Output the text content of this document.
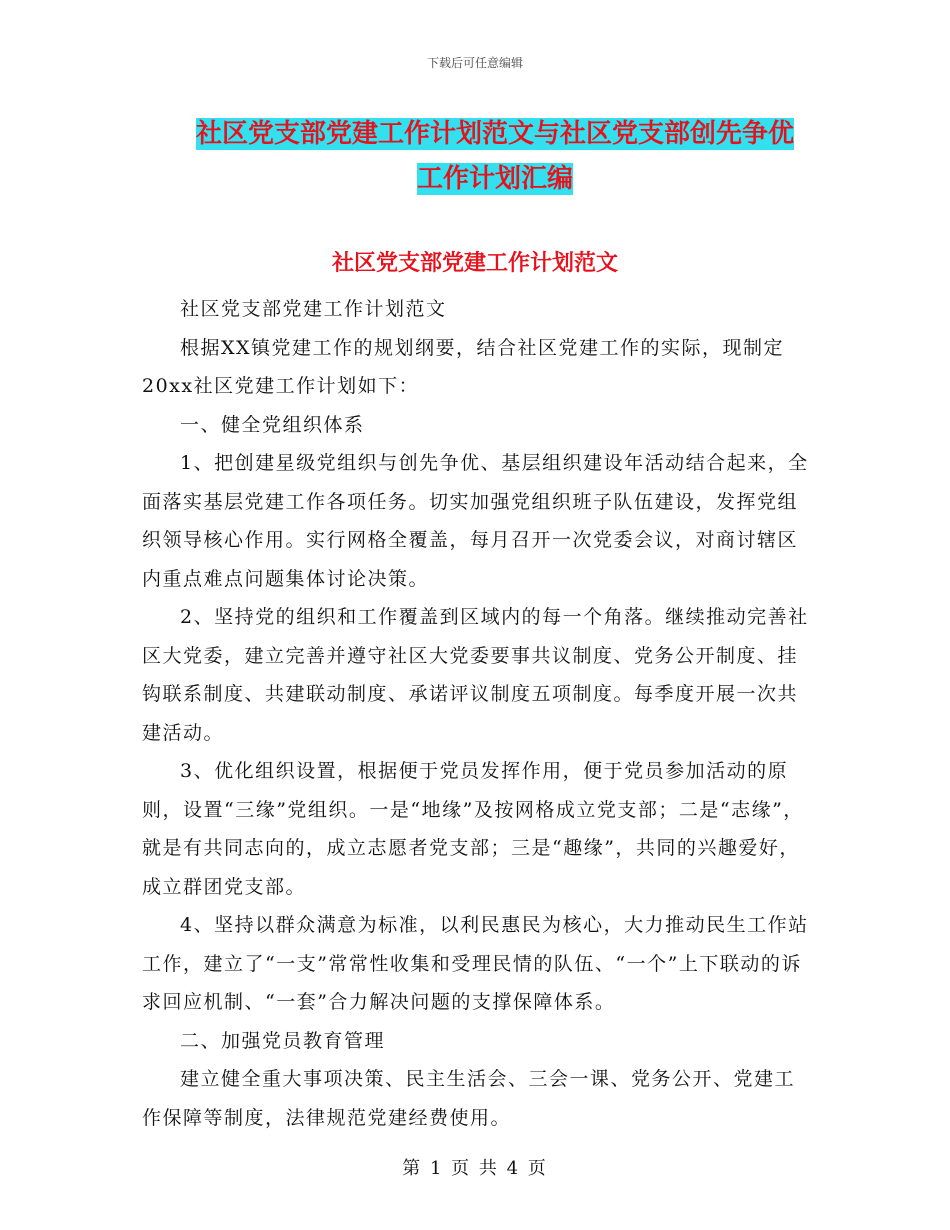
下载后可任意编辑
社区党支部党建工作计划范文与社区党支部创先争优
工作计划汇编
社区党支部党建工作计划范文

社区党支部党建工作计划范文

根据XX镇党建工作的规划纲要，结合社区党建工作的实际，现制定20xx社区党建工作计划如下：

一、健全党组织体系

1、把创建星级党组织与创先争优、基层组织建设年活动结合起来，全面落实基层党建工作各项任务。切实加强党组织班子队伍建设，发挥党组织领导核心作用。实行网格全覆盖，每月召开一次党委会议，对商讨辖区内重点难点问题集体讨论决策。

2、坚持党的组织和工作覆盖到区域内的每一个角落。继续推动完善社区大党委，建立完善并遵守社区大党委要事共议制度、党务公开制度、挂钩联系制度、共建联动制度、承诺评议制度五项制度。每季度开展一次共建活动。

3、优化组织设置，根据便于党员发挥作用，便于党员参加活动的原则，设置“三缘”党组织。一是“地缘”及按网格成立党支部；二是“志缘”，就是有共同志向的，成立志愿者党支部；三是“趣缘”，共同的兴趣爱好，成立群团党支部。

4、坚持以群众满意为标准，以利民惠民为核心，大力推动民生工作站工作，建立了“一支”常常性收集和受理民情的队伍、“一个”上下联动的诉求回应机制、“一套”合力解决问题的支撑保障体系。

二、加强党员教育管理

建立健全重大事项决策、民主生活会、三会一课、党务公开、党建工作保障等制度，法律规范党建经费使用。

第 1 页 共 4 页
